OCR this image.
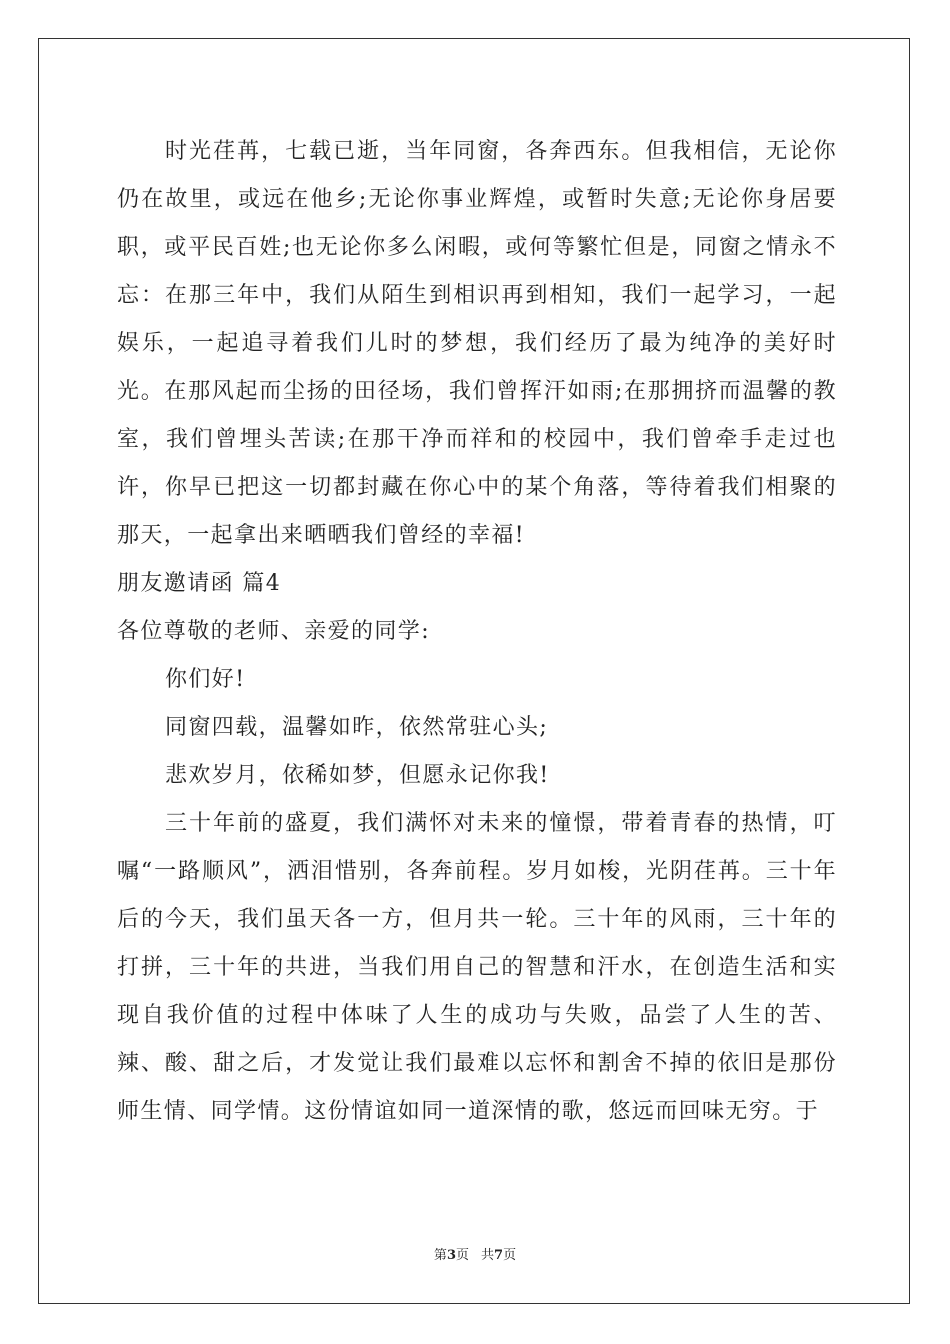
时光荏苒，七载已逝，当年同窗，各奔西东。但我相信，无论你仍在故里，或远在他乡;无论你事业辉煌，或暂时失意;无论你身居要职，或平民百姓;也无论你多么闲暇，或何等繁忙但是，同窗之情永不忘：在那三年中，我们从陌生到相识再到相知，我们一起学习，一起娱乐，一起追寻着我们儿时的梦想，我们经历了最为纯净的美好时光。在那风起而尘扬的田径场，我们曾挥汗如雨;在那拥挤而温馨的教室，我们曾埋头苦读;在那干净而祥和的校园中，我们曾牵手走过也许，你早已把这一切都封藏在你心中的某个角落，等待着我们相聚的那天，一起拿出来晒晒我们曾经的幸福!

朋友邀请函 篇4

各位尊敬的老师、亲爱的同学:

你们好!

同窗四载，温馨如昨，依然常驻心头;

悲欢岁月，依稀如梦，但愿永记你我!

三十年前的盛夏，我们满怀对未来的憧憬，带着青春的热情，叮嘱“一路顺风”，洒泪惜别，各奔前程。岁月如梭，光阴荏苒。三十年后的今天，我们虽天各一方，但月共一轮。三十年的风雨，三十年的打拼，三十年的共进，当我们用自己的智慧和汗水，在创造生活和实现自我价值的过程中体味了人生的成功与失败，品尝了人生的苦、辣、酸、甜之后，才发觉让我们最难以忘怀和割舍不掉的依旧是那份师生情、同学情。这份情谊如同一道深情的歌，悠远而回味无穷。于

第3页 共7页
